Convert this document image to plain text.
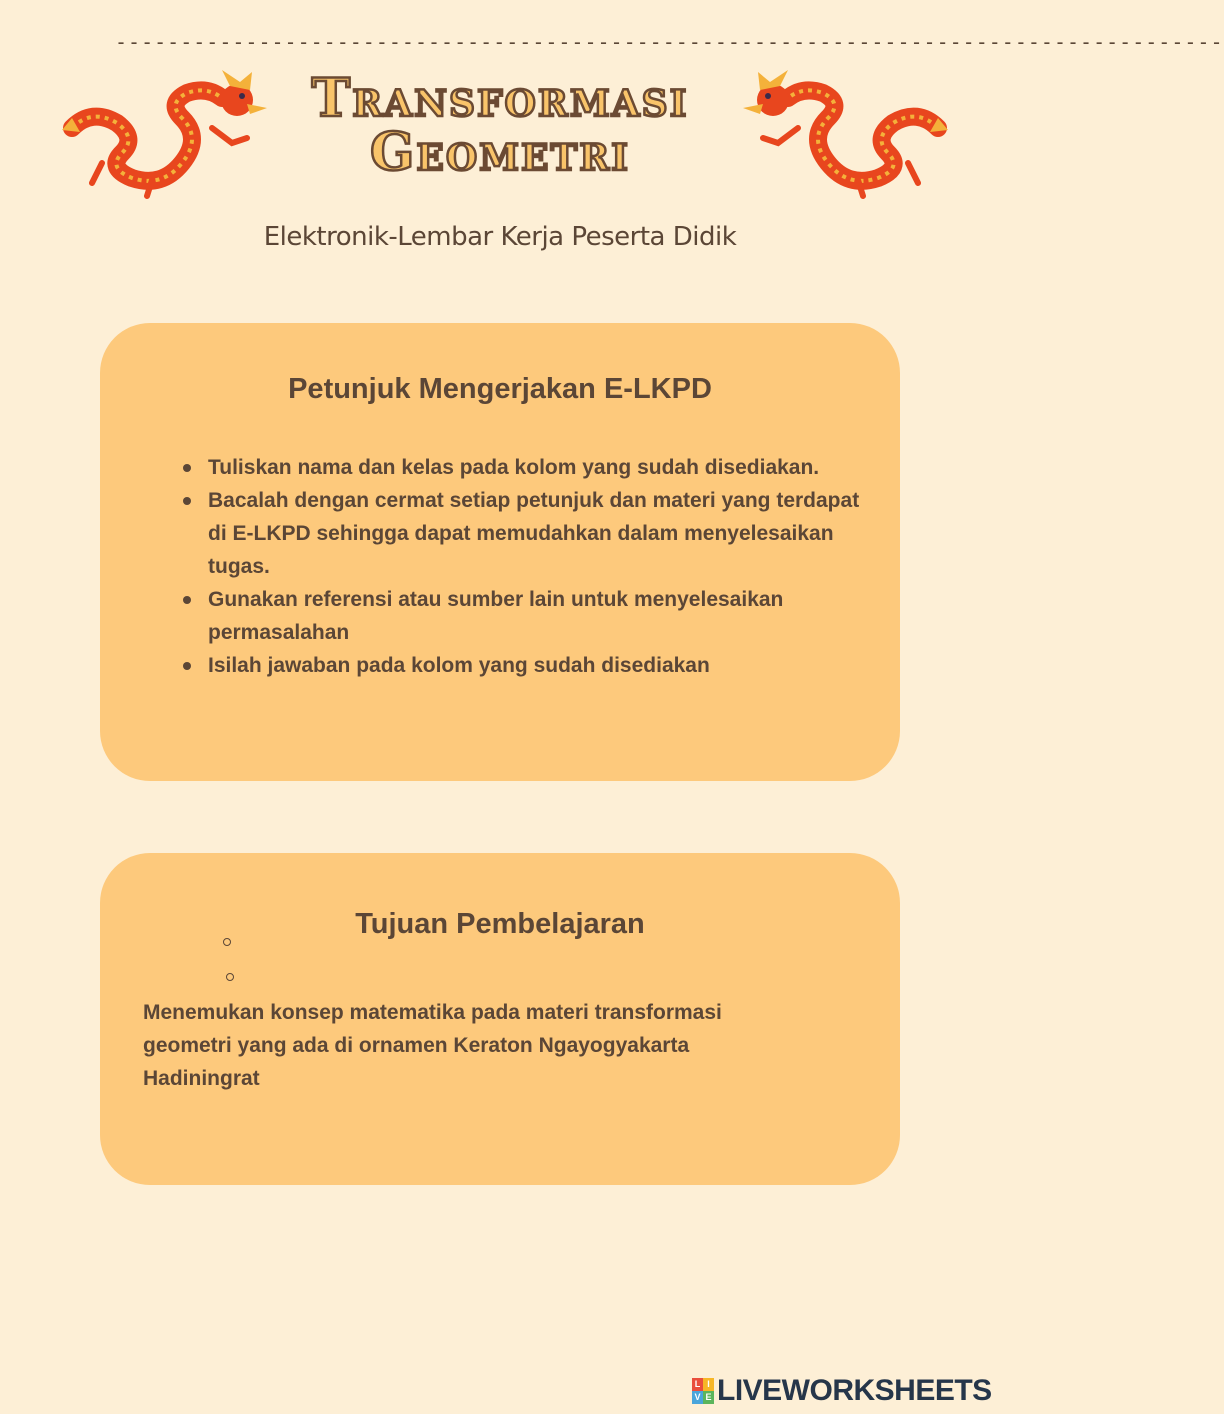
-------------------------------------------------------------------------------------
Transformasi
Geometri
Elektronik-Lembar Kerja Peserta Didik
Petunjuk Mengerjakan E-LKPD
Tuliskan nama dan kelas pada kolom yang sudah disediakan.
Bacalah dengan cermat setiap petunjuk dan materi yang terdapat di E-LKPD sehingga dapat memudahkan dalam menyelesaikan tugas.
Gunakan referensi atau sumber lain untuk menyelesaikan permasalahan
Isilah jawaban pada kolom yang sudah disediakan
Tujuan Pembelajaran
Menemukan konsep matematika pada materi transformasi geometri yang ada di ornamen Keraton Ngayogyakarta Hadiningrat
L I
V E LIVEWORKSHEETS
